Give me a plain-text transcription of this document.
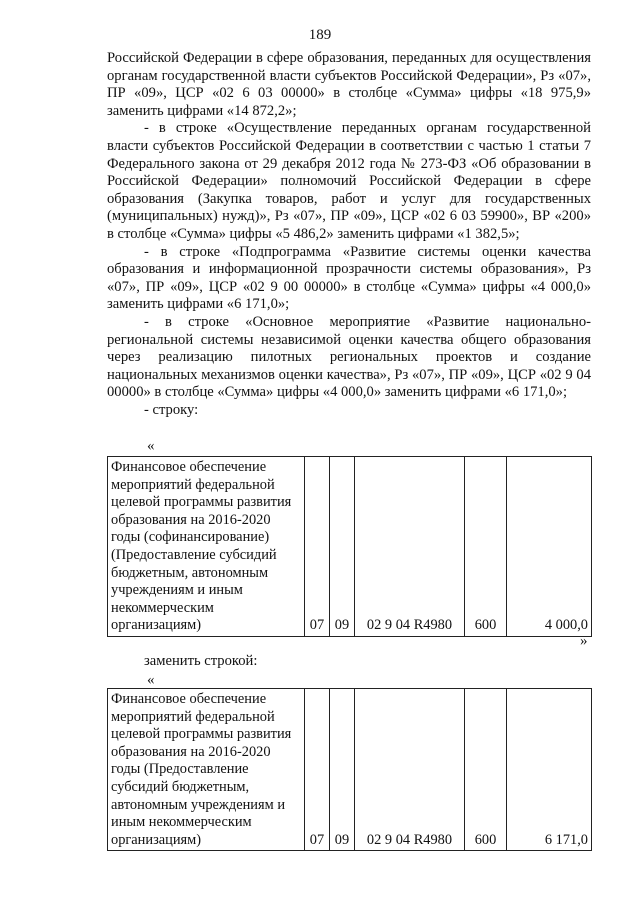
189

Российской Федерации в сфере образования, переданных для осуществления органам государственной власти субъектов Российской Федерации», Рз «07», ПР «09», ЦСР «02 6 03 00000» в столбце «Сумма» цифры «18 975,9» заменить цифрами «14 872,2»;

- в строке «Осуществление переданных органам государственной власти субъектов Российской Федерации в соответствии с частью 1 статьи 7 Федерального закона от 29 декабря 2012 года № 273-ФЗ «Об образовании в Российской Федерации» полномочий Российской Федерации в сфере образования (Закупка товаров, работ и услуг для государственных (муниципальных) нужд)», Рз «07», ПР «09», ЦСР «02 6 03 59900», ВР «200» в столбце «Сумма» цифры «5 486,2» заменить цифрами «1 382,5»;

- в строке «Подпрограмма «Развитие системы оценки качества образования и информационной прозрачности системы образования», Рз «07», ПР «09», ЦСР «02 9 00 00000» в столбце «Сумма» цифры «4 000,0» заменить цифрами «6 171,0»;

- в строке «Основное мероприятие «Развитие национально-региональной системы независимой оценки качества общего образования через реализацию пилотных региональных проектов и создание национальных механизмов оценки качества», Рз «07», ПР «09», ЦСР «02 9 04 00000» в столбце «Сумма» цифры «4 000,0» заменить цифрами «6 171,0»;

- строку:

«
Финансовое обеспечение мероприятий федеральной целевой программы развития образования на 2016-2020 годы (софинансирование) (Предоставление субсидий бюджетным, автономным учреждениям и иным некоммерческим организациям)	07	09	02 9 04 R4980	600	4 000,0
»
заменить строкой:
«
Финансовое обеспечение мероприятий федеральной целевой программы развития образования на 2016-2020 годы (Предоставление субсидий бюджетным, автономным учреждениям и иным некоммерческим организациям)	07	09	02 9 04 R4980	600	6 171,0
